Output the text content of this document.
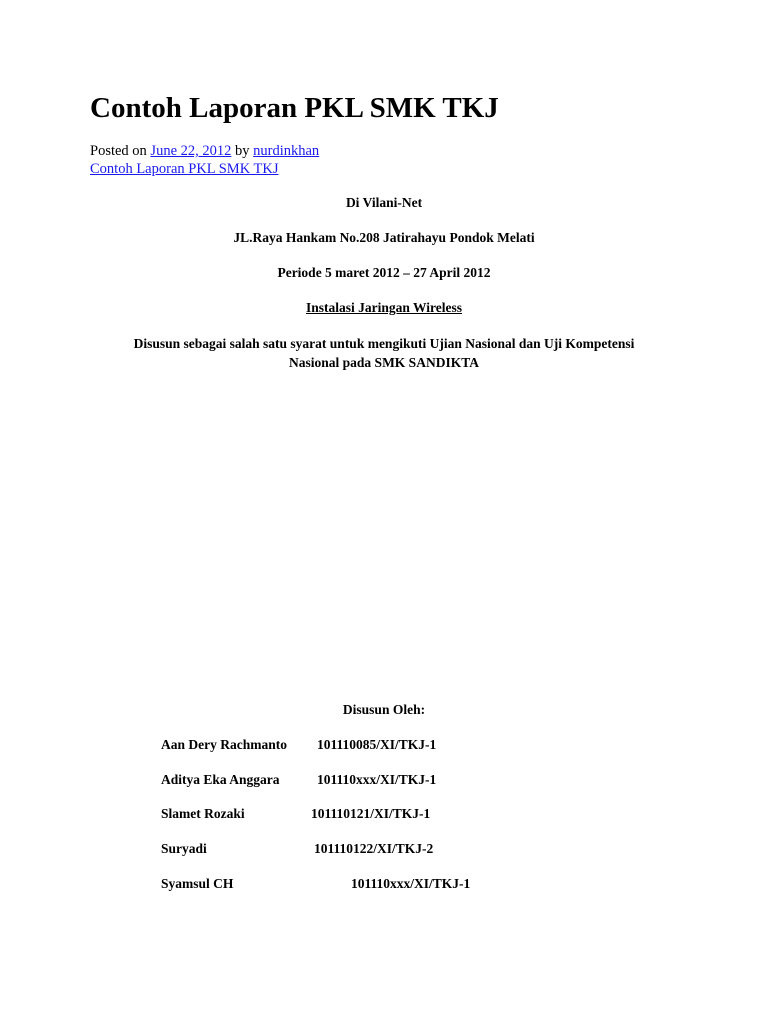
Contoh Laporan PKL SMK TKJ
Posted on June 22, 2012 by nurdinkhan
Contoh Laporan PKL SMK TKJ
Di Vilani-Net
JL.Raya Hankam No.208 Jatirahayu Pondok Melati
Periode 5 maret 2012 – 27 April 2012
Instalasi Jaringan Wireless
Disusun sebagai salah satu syarat untuk mengikuti Ujian Nasional dan Uji Kompetensi
Nasional pada SMK SANDIKTA
Disusun Oleh:
Aan Dery Rachmanto 101110085/XI/TKJ-1
Aditya Eka Anggara	101110xxx/XI/TKJ-1
Slamet Rozaki	101110121/XI/TKJ-1
Suryadi	101110122/XI/TKJ-2
Syamsul CH	101110xxx/XI/TKJ-1
